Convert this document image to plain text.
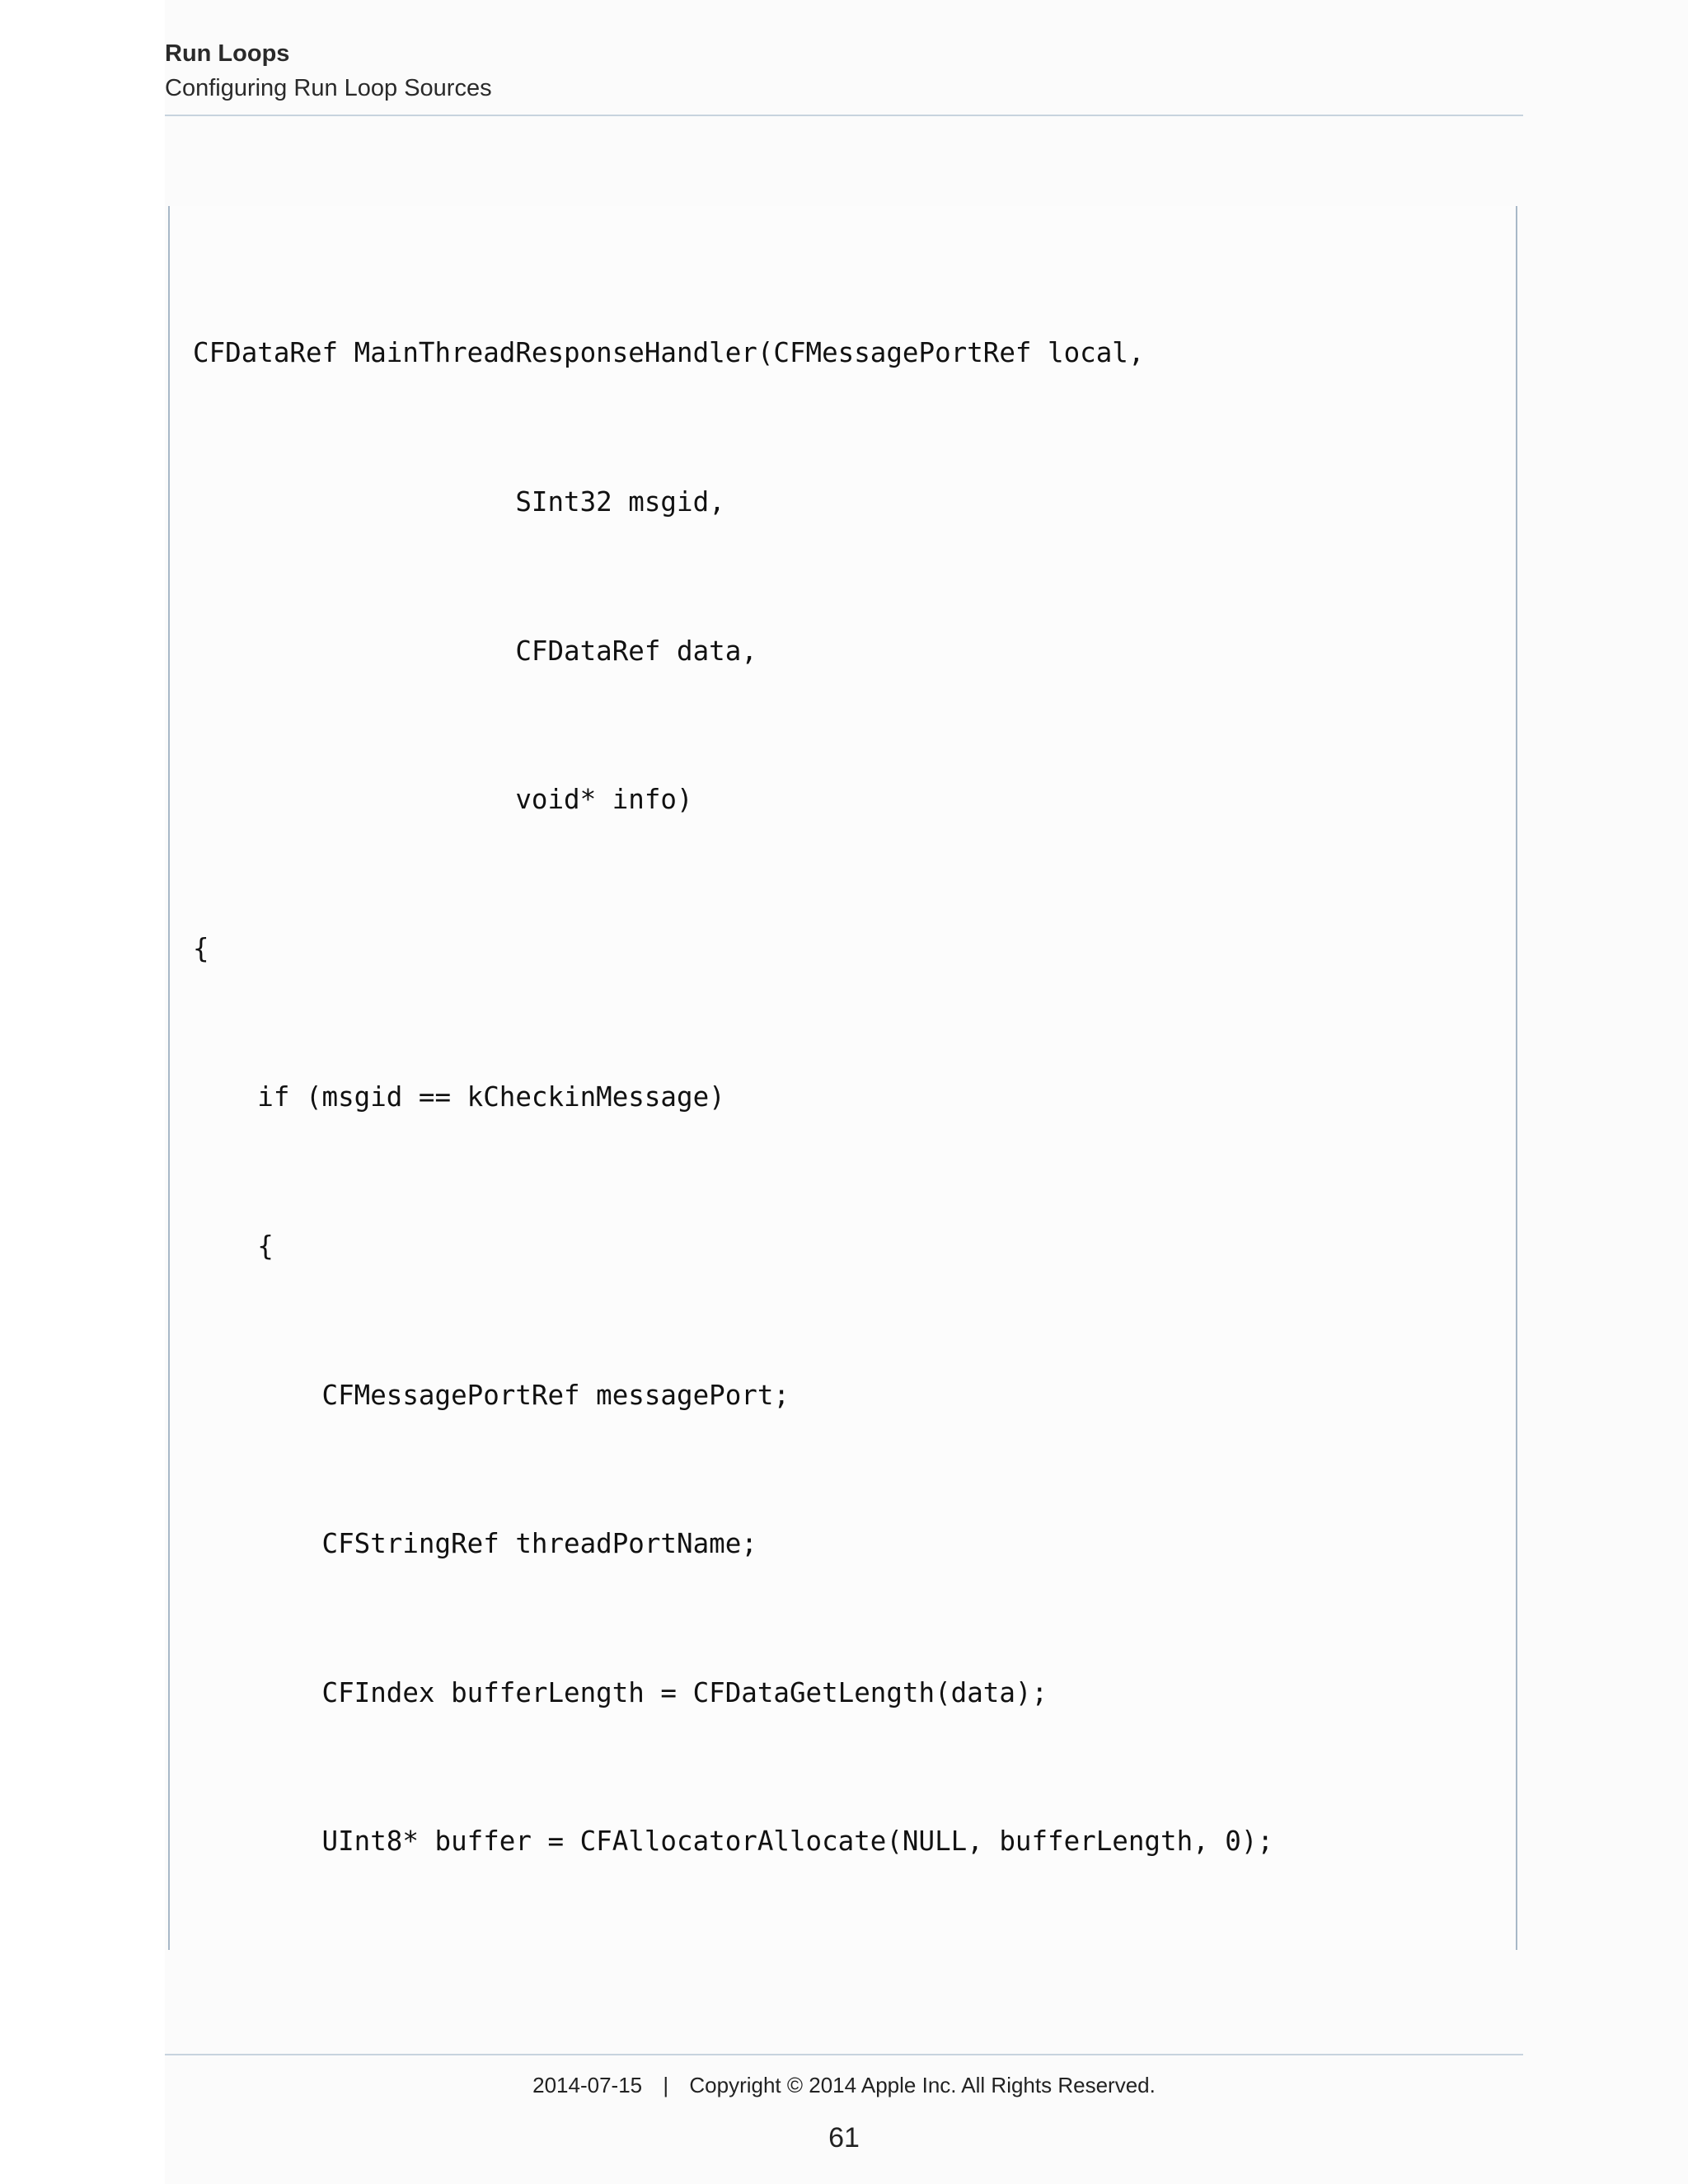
Run Loops
Configuring Run Loop Sources

CFDataRef MainThreadResponseHandler(CFMessagePortRef local,

SInt32 msgid,

CFDataRef data,

void* info)

{

if (msgid == kCheckinMessage)

{

CFMessagePortRef messagePort;

CFStringRef threadPortName;

CFIndex bufferLength = CFDataGetLength(data);

UInt8* buffer = CFAllocatorAllocate(NULL, bufferLength, 0);

2014-07-15 | Copyright © 2014 Apple Inc. All Rights Reserved.
61
